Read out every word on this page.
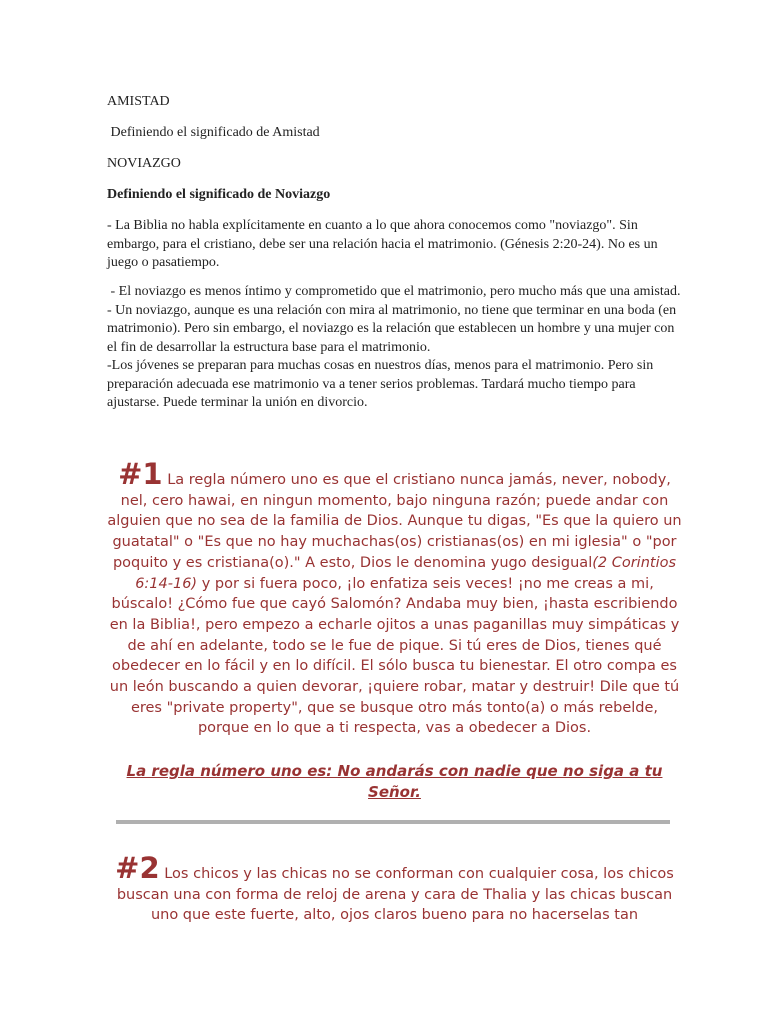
AMISTAD
Definiendo el significado de Amistad
NOVIAZGO
Definiendo el significado de Noviazgo

- La Biblia no habla explícitamente en cuanto a lo que ahora conocemos como "noviazgo". Sin embargo, para el cristiano, debe ser una relación hacia el matrimonio. (Génesis 2:20-24). No es un juego o pasatiempo.

- El noviazgo es menos íntimo y comprometido que el matrimonio, pero mucho más que una amistad.

- Un noviazgo, aunque es una relación con mira al matrimonio, no tiene que terminar en una boda (en matrimonio). Pero sin embargo, el noviazgo es la relación que establecen un hombre y una mujer con el fin de desarrollar la estructura base para el matrimonio.

-Los jóvenes se preparan para muchas cosas en nuestros días, menos para el matrimonio. Pero sin preparación adecuada ese matrimonio va a tener serios problemas. Tardará mucho tiempo para ajustarse. Puede terminar la unión en divorcio.

#1 La regla número uno es que el cristiano nunca jamás, never, nobody, nel, cero hawai, en ningun momento, bajo ninguna razón; puede andar con alguien que no sea de la familia de Dios. Aunque tu digas, "Es que la quiero un guatatal" o "Es que no hay muchachas(os) cristianas(os) en mi iglesia" o "por poquito y es cristiana(o)." A esto, Dios le denomina yugo desigual(2 Corintios 6:14-16) y por si fuera poco, ¡lo enfatiza seis veces! ¡no me creas a mi, búscalo! ¿Cómo fue que cayó Salomón? Andaba muy bien, ¡hasta escribiendo en la Biblia!, pero empezo a echarle ojitos a unas paganillas muy simpáticas y de ahí en adelante, todo se le fue de pique. Si tú eres de Dios, tienes qué obedecer en lo fácil y en lo difícil. El sólo busca tu bienestar. El otro compa es un león buscando a quien devorar, ¡quiere robar, matar y destruir! Dile que tú eres "private property", que se busque otro más tonto(a) o más rebelde, porque en lo que a ti respecta, vas a obedecer a Dios.
La regla número uno es: No andarás con nadie que no siga a tu Señor.
#2 Los chicos y las chicas no se conforman con cualquier cosa, los chicos buscan una con forma de reloj de arena y cara de Thalia y las chicas buscan uno que este fuerte, alto, ojos claros bueno para no hacerselas tan
